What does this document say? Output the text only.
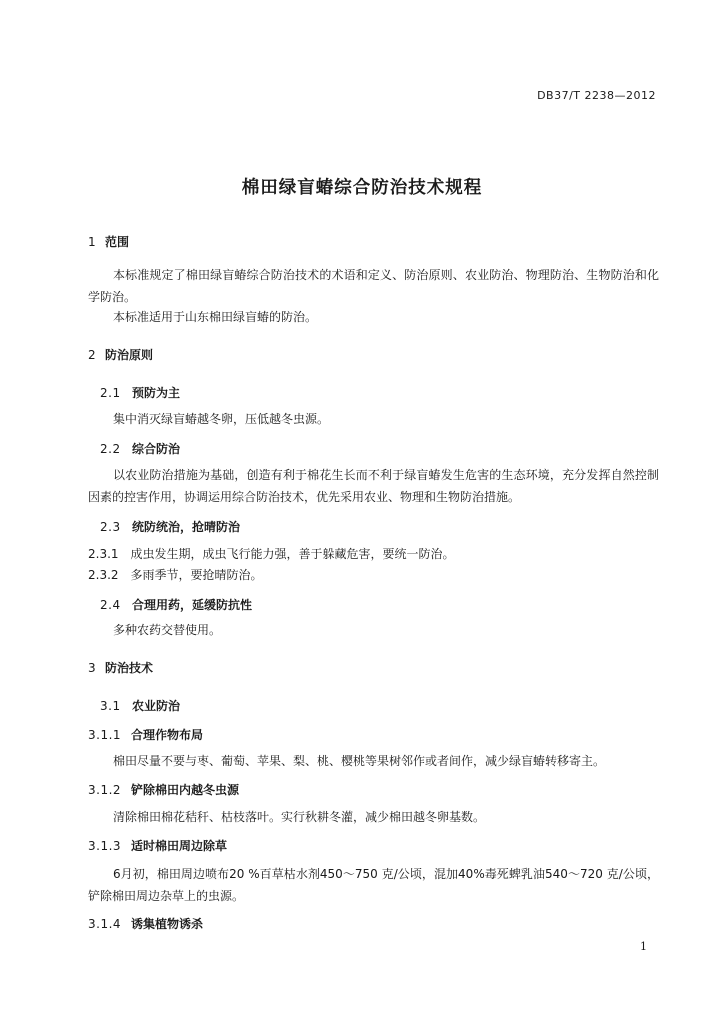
DB37/T 2238—2012
棉田绿盲蝽综合防治技术规程
1 范围
本标准规定了棉田绿盲蝽综合防治技术的术语和定义、防治原则、农业防治、物理防治、生物防治和化学防治。
本标准适用于山东棉田绿盲蝽的防治。
2 防治原则
2.1 预防为主
集中消灭绿盲蝽越冬卵，压低越冬虫源。
2.2 综合防治
以农业防治措施为基础，创造有利于棉花生长而不利于绿盲蝽发生危害的生态环境，充分发挥自然控制因素的控害作用，协调运用综合防治技术，优先采用农业、物理和生物防治措施。
2.3 统防统治，抢晴防治
2.3.1　成虫发生期，成虫飞行能力强，善于躲藏危害，要统一防治。
2.3.2　多雨季节，要抢晴防治。
2.4 合理用药，延缓防抗性
多种农药交替使用。
3 防治技术
3.1 农业防治
3.1.1 合理作物布局
棉田尽量不要与枣、葡萄、苹果、梨、桃、樱桃等果树邻作或者间作，减少绿盲蝽转移寄主。
3.1.2 铲除棉田内越冬虫源
清除棉田棉花秸秆、枯枝落叶。实行秋耕冬灌，减少棉田越冬卵基数。
3.1.3 适时棉田周边除草
6月初，棉田周边喷布20 %百草枯水剂450～750 克/公顷，混加40%毒死蜱乳油540～720 克/公顷，铲除棉田周边杂草上的虫源。
3.1.4 诱集植物诱杀
1
